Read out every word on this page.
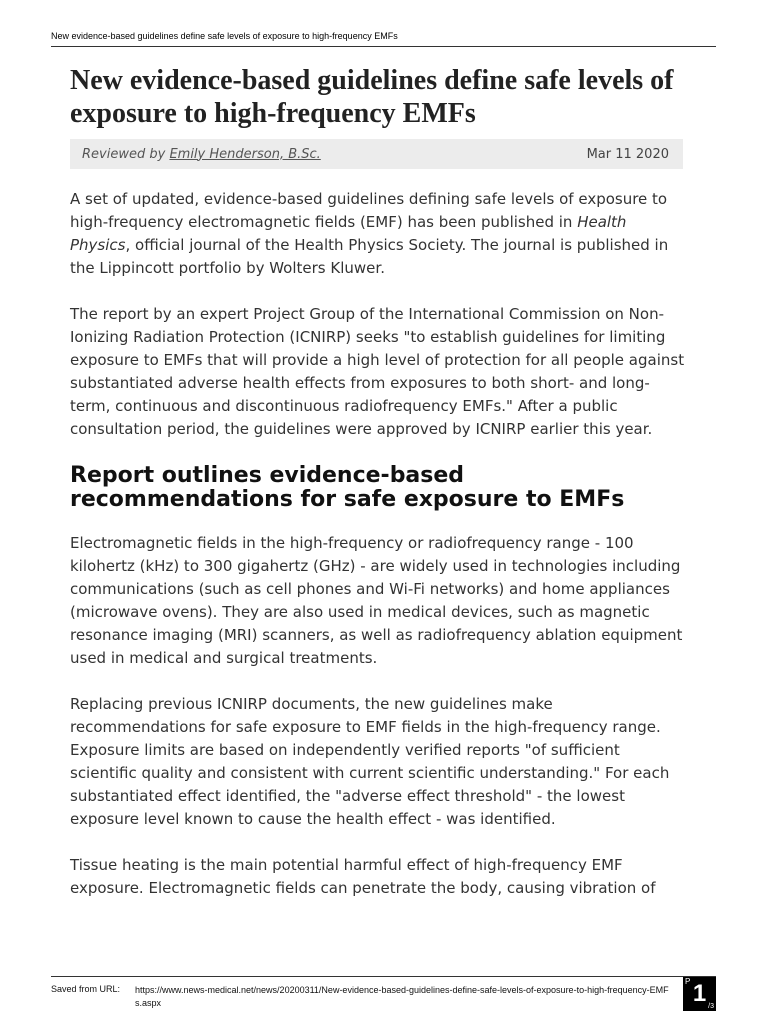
New evidence-based guidelines define safe levels of exposure to high-frequency EMFs
New evidence-based guidelines define safe levels of exposure to high-frequency EMFs
Reviewed by Emily Henderson, B.Sc.	Mar 11 2020

A set of updated, evidence-based guidelines defining safe levels of exposure to high-frequency electromagnetic fields (EMF) has been published in Health Physics, official journal of the Health Physics Society. The journal is published in the Lippincott portfolio by Wolters Kluwer.

The report by an expert Project Group of the International Commission on Non-Ionizing Radiation Protection (ICNIRP) seeks "to establish guidelines for limiting exposure to EMFs that will provide a high level of protection for all people against substantiated adverse health effects from exposures to both short- and long-term, continuous and discontinuous radiofrequency EMFs." After a public consultation period, the guidelines were approved by ICNIRP earlier this year.

Report outlines evidence-based recommendations for safe exposure to EMFs

Electromagnetic fields in the high-frequency or radiofrequency range - 100 kilohertz (kHz) to 300 gigahertz (GHz) - are widely used in technologies including communications (such as cell phones and Wi-Fi networks) and home appliances (microwave ovens). They are also used in medical devices, such as magnetic resonance imaging (MRI) scanners, as well as radiofrequency ablation equipment used in medical and surgical treatments.

Replacing previous ICNIRP documents, the new guidelines make recommendations for safe exposure to EMF fields in the high-frequency range. Exposure limits are based on independently verified reports "of sufficient scientific quality and consistent with current scientific understanding." For each substantiated effect identified, the "adverse effect threshold" - the lowest exposure level known to cause the health effect - was identified.

Tissue heating is the main potential harmful effect of high-frequency EMF exposure. Electromagnetic fields can penetrate the body, causing vibration of

Saved from URL: https://www.news-medical.net/news/20200311/New-evidence-based-guidelines-define-safe-levels-of-exposure-to-high-frequency-EMFs.aspx
P 1 /3
